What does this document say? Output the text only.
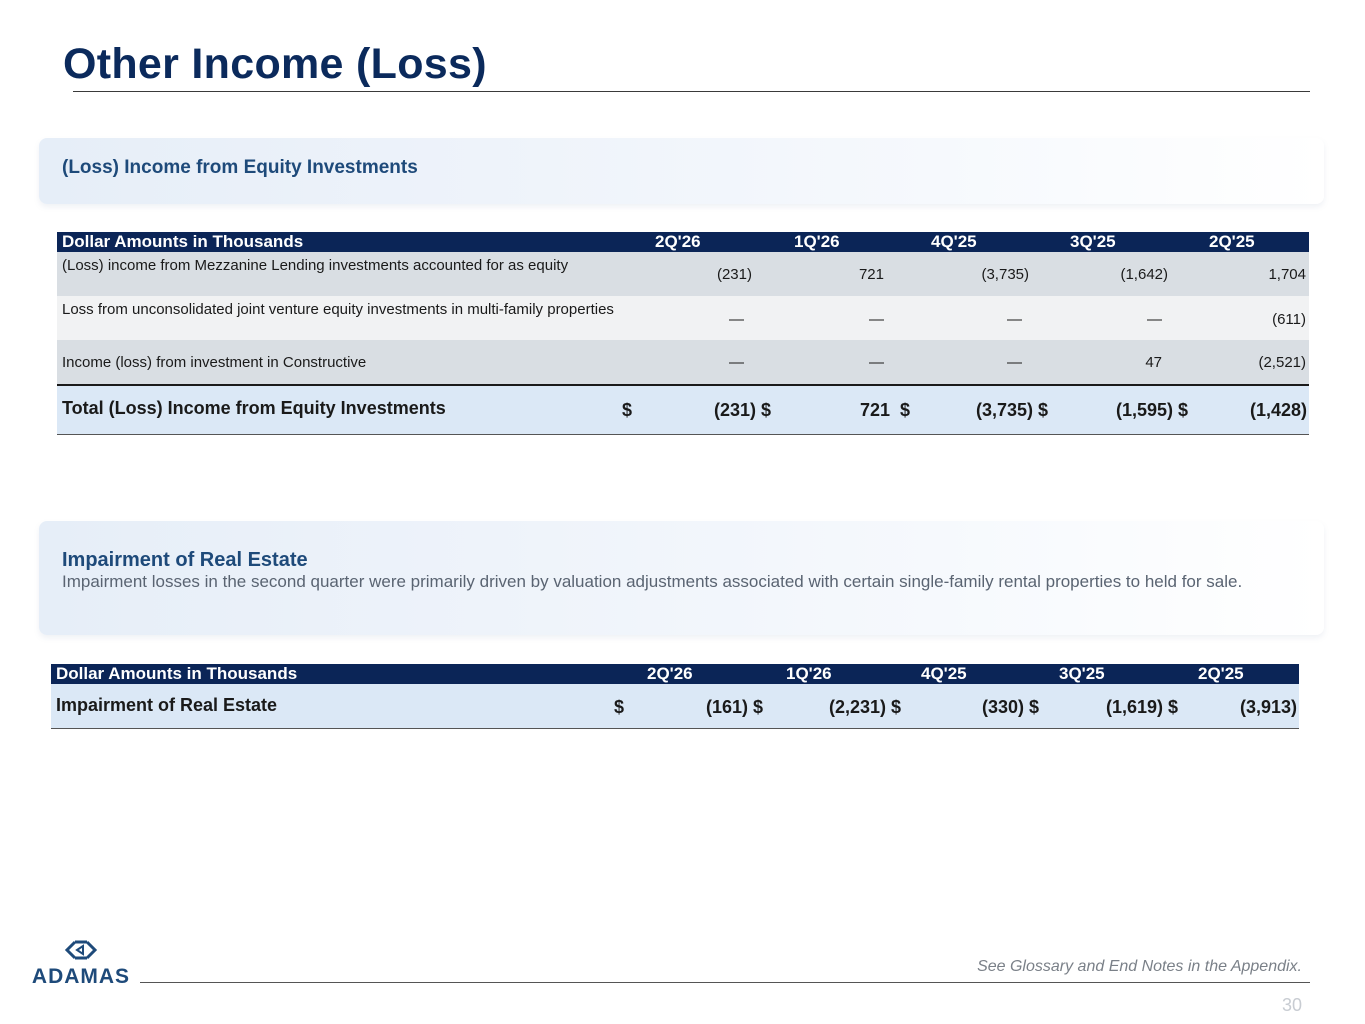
Other Income (Loss)
(Loss) Income from Equity Investments
Dollar Amounts in Thousands	2Q'26	1Q'26	4Q'25	3Q'25	2Q'25
(Loss) income from Mezzanine Lending investments accounted for as equity
(231)	721	(3,735)	(1,642)	1,704
Loss from unconsolidated joint venture equity investments in multi-family properties
—	—	—	—	(611)
Income (loss) from investment in Constructive	—	—	—	47	(2,521)
Total (Loss) Income from Equity Investments	$	(231) $	721  $	(3,735) $	(1,595) $	(1,428)
Impairment of Real Estate
Impairment losses in the second quarter were primarily driven by valuation adjustments associated with certain single-family rental properties to held for sale.
Dollar Amounts in Thousands	2Q'26	1Q'26	4Q'25	3Q'25	2Q'25
Impairment of Real Estate	$	(161) $	(2,231) $	(330) $	(1,619) $	(3,913)
ADAMAS	See Glossary and End Notes in the Appendix.
30
